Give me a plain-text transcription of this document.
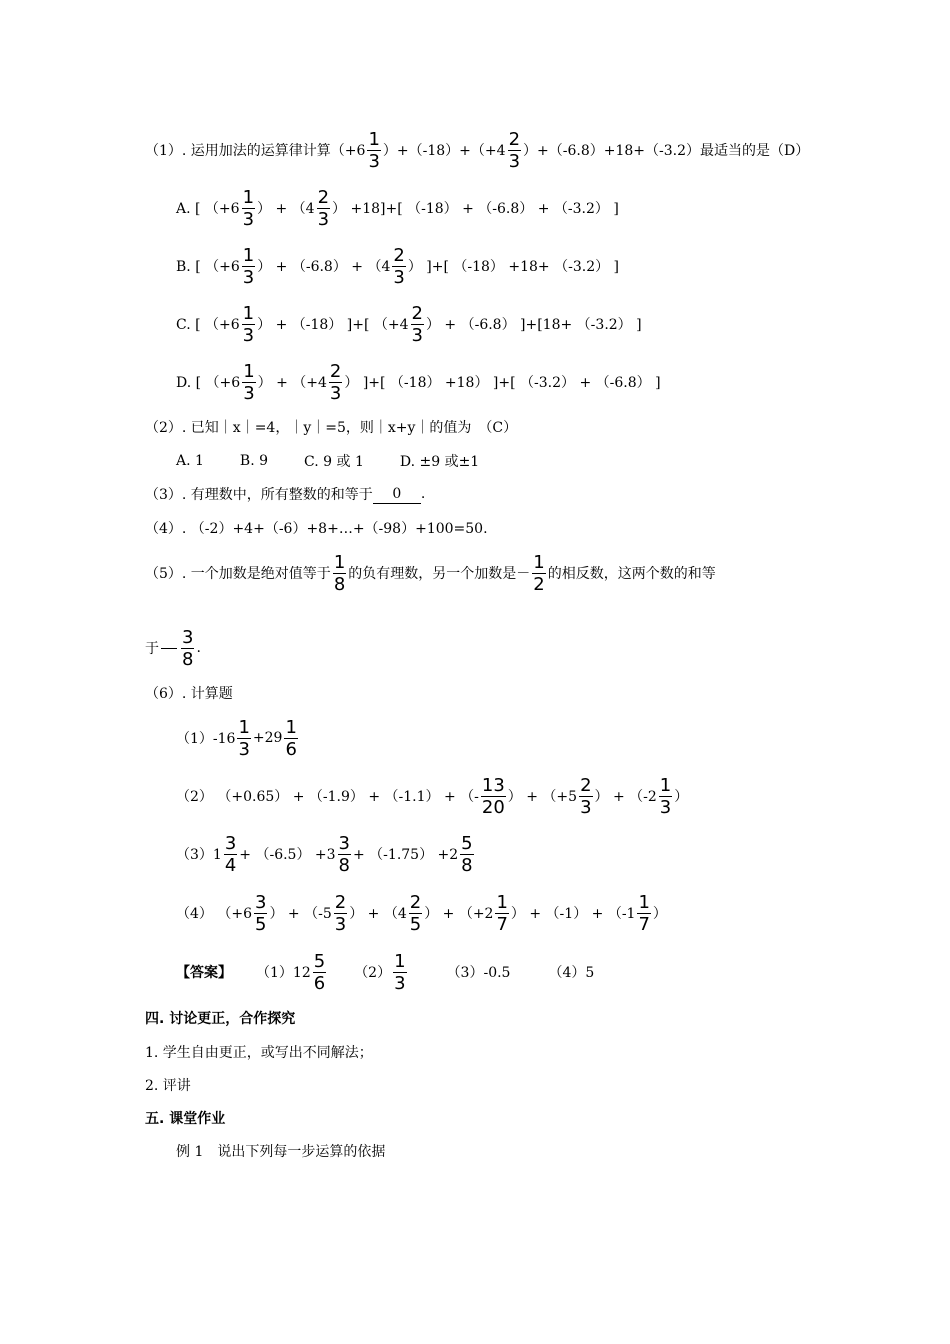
（1）. 运用加法的运算律计算$(+6 \frac{1}{3} )+(-18)+(+4 \frac{2}{3} )+(-6.8)+18+(-3.2)$最适当的是（D）
A. [ （$+6 \frac{1}{3}$ ） + （$4 \frac{2}{3}$ ） +18]+[ （-18） + （-6.8） + （-3.2） ]
B. [ （$+6 \frac{1}{3}$ ） + $(-6.8) + (4 \frac{2}{3}$ ） ]+[ （-18） +18+ （-3.2） ]
C. [ （$+6 \frac{1}{3}$ ） + （-18） ]+[ （$+4 \frac{2}{3}$ ） + （-6.8） ]+[18+ （-3.2） ]
D. [ （$+6 \frac{1}{3}$ ） + （$+4 \frac{2}{3}$ ） ]+[ （-18） +18） ]+[ （-3.2） + （-6.8） ]
（2）. 已知｜x｜=4，｜y｜=5，则｜x+y｜的值为　（C）
A. 1	B. 9	C. 9 或 1	D. ±9 或±1
（3）. 有理数中，所有整数的和等于	0	.
（4）. （-2）+4+（-6）+8+…+（-98）+100=50.
（5）. 一个加数是绝对值等于 $\frac{1}{8}$ 的负有理数，另一个加数是－ $\frac{1}{2}$ 的相反数，这两个数的和等
于 $\frac{3}{8}$ .
（6）. 计算题
$(1)-16 \frac{1}{3} +29 \frac{1}{6}$
（2） （+0.65） + （-1.9） + （-1.1） + （- $\frac{13}{20}$ ） + （$+5 \frac{2}{3}$ ） + （$-2 \frac{1}{3}$ ）
$(3)1 \frac{3}{4} + (-6.5) +3 \frac{3}{8} + (-1.75) +2 \frac{5}{8}$
（4） （$+6 \frac{3}{5}$ ） + （$-5 \frac{2}{3}$ ） + （$4 \frac{2}{5}$ ） + （$+2 \frac{1}{7}$ ） + $(-1) + (-1 \frac{1}{7}$ ）
【答案】 $(1)12 \frac{5}{6} (2) \frac{1}{3}$	（3）-0.5	（4）5
四. 讨论更正，合作探究
1. 学生自由更正，或写出不同解法；
2. 评讲
五. 课堂作业
例 1　说出下列每一步运算的依据
